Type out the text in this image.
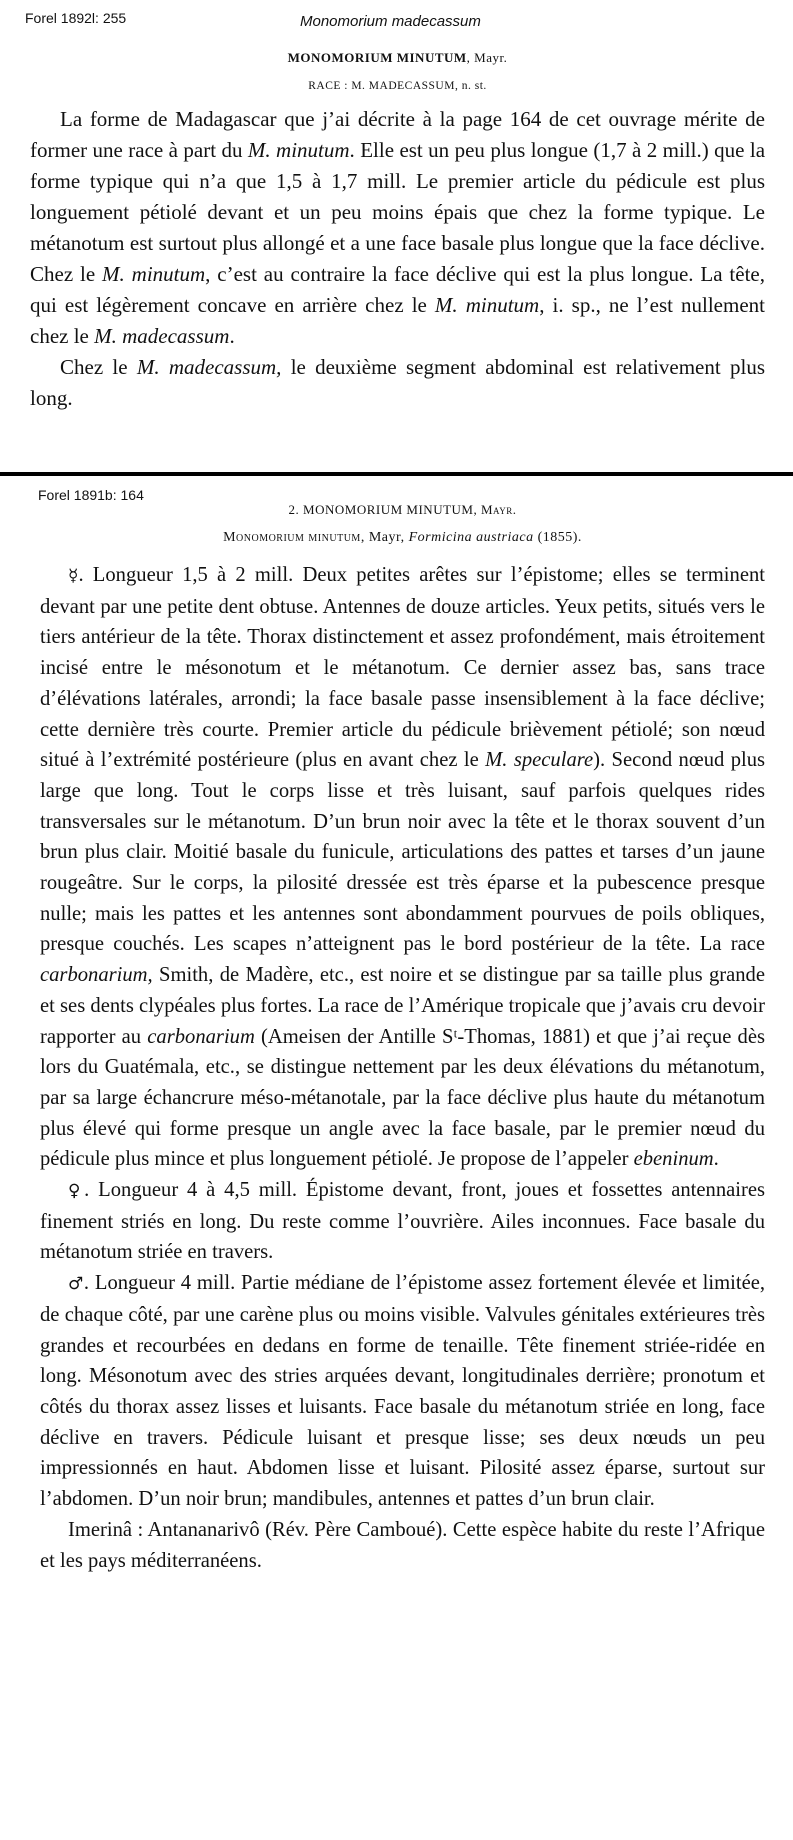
Forel 1892l: 255	Monomorium madecassum
MONOMORIUM MINUTUM, Mayr.
RACE : M. MADECASSUM, n. st.

La forme de Madagascar que j’ai décrite à la page 164 de cet ouvrage mérite de former une race à part du M. minutum. Elle est un peu plus longue (1,7 à 2 mill.) que la forme typique qui n’a que 1,5 à 1,7 mill. Le premier article du pédicule est plus longuement pétiolé devant et un peu moins épais que chez la forme typique. Le métanotum est surtout plus allongé et a une face basale plus longue que la face déclive. Chez le M. minutum, c’est au contraire la face déclive qui est la plus longue. La tête, qui est légèrement concave en arrière chez le M. minutum, i. sp., ne l’est nullement chez le M. madecassum.

Chez le M. madecassum, le deuxième segment abdominal est relativement plus long.

Forel 1891b: 164
2. MONOMORIUM MINUTUM, Mayr.
Monomorium minutum, Mayr, Formicina austriaca (1855).

☿. Longueur 1,5 à 2 mill. Deux petites arêtes sur l’épistome; elles se terminent devant par une petite dent obtuse. Antennes de douze articles. Yeux petits, situés vers le tiers antérieur de la tête. Thorax distinctement et assez profondément, mais étroitement incisé entre le mésonotum et le métanotum. Ce dernier assez bas, sans trace d’élévations latérales, arrondi; la face basale passe insensiblement à la face déclive; cette dernière très courte. Premier article du pédicule brièvement pétiolé; son nœud situé à l’extrémité postérieure (plus en avant chez le M. speculare). Second nœud plus large que long. Tout le corps lisse et très luisant, sauf parfois quelques rides transversales sur le métanotum. D’un brun noir avec la tête et le thorax souvent d’un brun plus clair. Moitié basale du funicule, articulations des pattes et tarses d’un jaune rougeâtre. Sur le corps, la pilosité dressée est très éparse et la pubescence presque nulle; mais les pattes et les antennes sont abondamment pourvues de poils obliques, presque couchés. Les scapes n’atteignent pas le bord postérieur de la tête. La race carbonarium, Smith, de Madère, etc., est noire et se distingue par sa taille plus grande et ses dents clypéales plus fortes. La race de l’Amérique tropicale que j’avais cru devoir rapporter au carbonarium (Ameisen der Antille Sᵗ-Thomas, 1881) et que j’ai reçue dès lors du Guatémala, etc., se distingue nettement par les deux élévations du métanotum, par sa large échancrure méso-métanotale, par la face déclive plus haute du métanotum plus élevé qui forme presque un angle avec la face basale, par le premier nœud du pédicule plus mince et plus longuement pétiolé. Je propose de l’appeler ebeninum.

♀. Longueur 4 à 4,5 mill. Épistome devant, front, joues et fossettes antennaires finement striés en long. Du reste comme l’ouvrière. Ailes inconnues. Face basale du métanotum striée en travers.

♂. Longueur 4 mill. Partie médiane de l’épistome assez fortement élevée et limitée, de chaque côté, par une carène plus ou moins visible. Valvules génitales extérieures très grandes et recourbées en dedans en forme de tenaille. Tête finement striée-ridée en long. Mésonotum avec des stries arquées devant, longitudinales derrière; pronotum et côtés du thorax assez lisses et luisants. Face basale du métanotum striée en long, face déclive en travers. Pédicule luisant et presque lisse; ses deux nœuds un peu impressionnés en haut. Abdomen lisse et luisant. Pilosité assez éparse, surtout sur l’abdomen. D’un noir brun; mandibules, antennes et pattes d’un brun clair.

Imerinâ : Antananarivô (Rév. Père Camboué). Cette espèce habite du reste l’Afrique et les pays méditerranéens.
